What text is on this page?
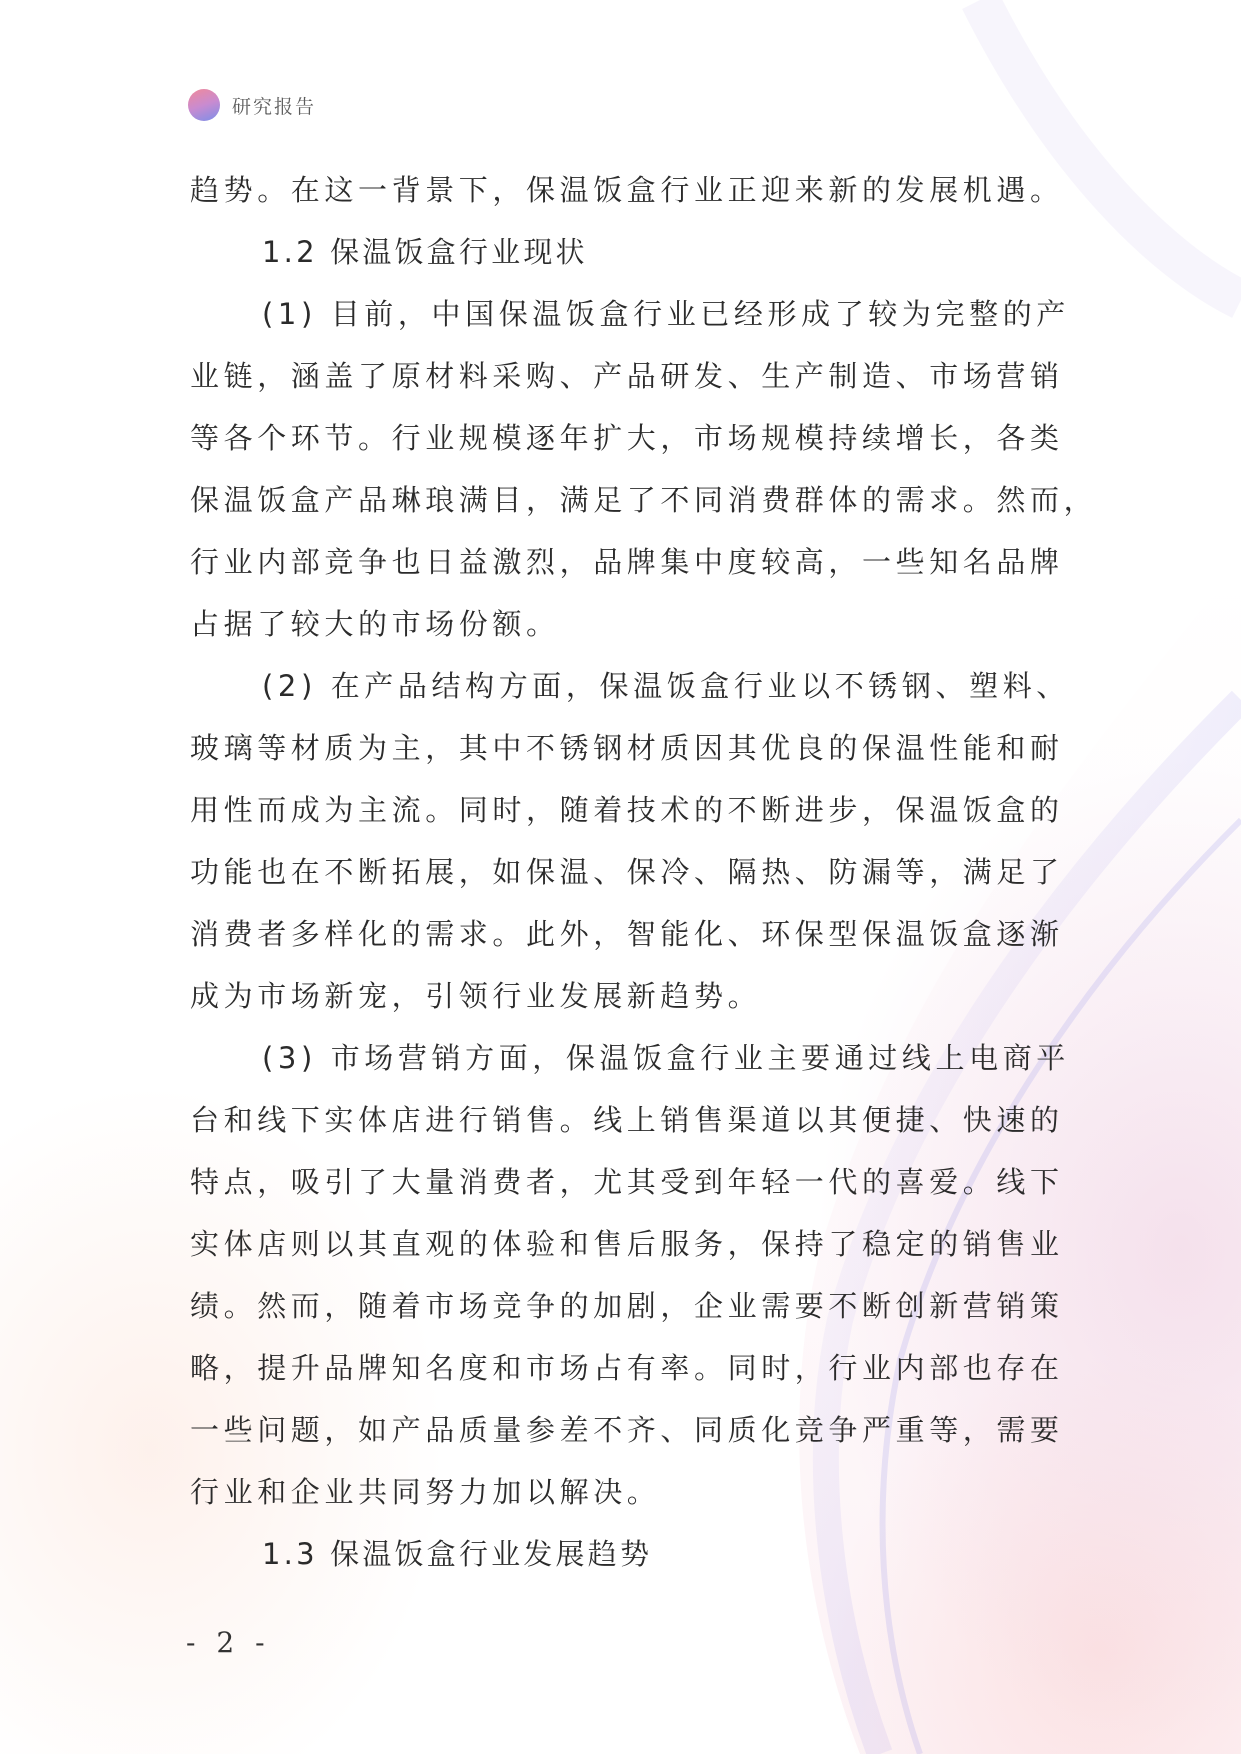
研究报告
趋势。在这一背景下，保温饭盒行业正迎来新的发展机遇。
1.2 保温饭盒行业现状
(1) 目前，中国保温饭盒行业已经形成了较为完整的产
业链，涵盖了原材料采购、产品研发、生产制造、市场营销
等各个环节。行业规模逐年扩大，市场规模持续增长，各类
保温饭盒产品琳琅满目，满足了不同消费群体的需求。然而，
行业内部竞争也日益激烈，品牌集中度较高，一些知名品牌
占据了较大的市场份额。
(2) 在产品结构方面，保温饭盒行业以不锈钢、塑料、
玻璃等材质为主，其中不锈钢材质因其优良的保温性能和耐
用性而成为主流。同时，随着技术的不断进步，保温饭盒的
功能也在不断拓展，如保温、保冷、隔热、防漏等，满足了
消费者多样化的需求。此外，智能化、环保型保温饭盒逐渐
成为市场新宠，引领行业发展新趋势。
(3) 市场营销方面，保温饭盒行业主要通过线上电商平
台和线下实体店进行销售。线上销售渠道以其便捷、快速的
特点，吸引了大量消费者，尤其受到年轻一代的喜爱。线下
实体店则以其直观的体验和售后服务，保持了稳定的销售业
绩。然而，随着市场竞争的加剧，企业需要不断创新营销策
略，提升品牌知名度和市场占有率。同时，行业内部也存在
一些问题，如产品质量参差不齐、同质化竞争严重等，需要
行业和企业共同努力加以解决。
1.3 保温饭盒行业发展趋势
- 2 -
